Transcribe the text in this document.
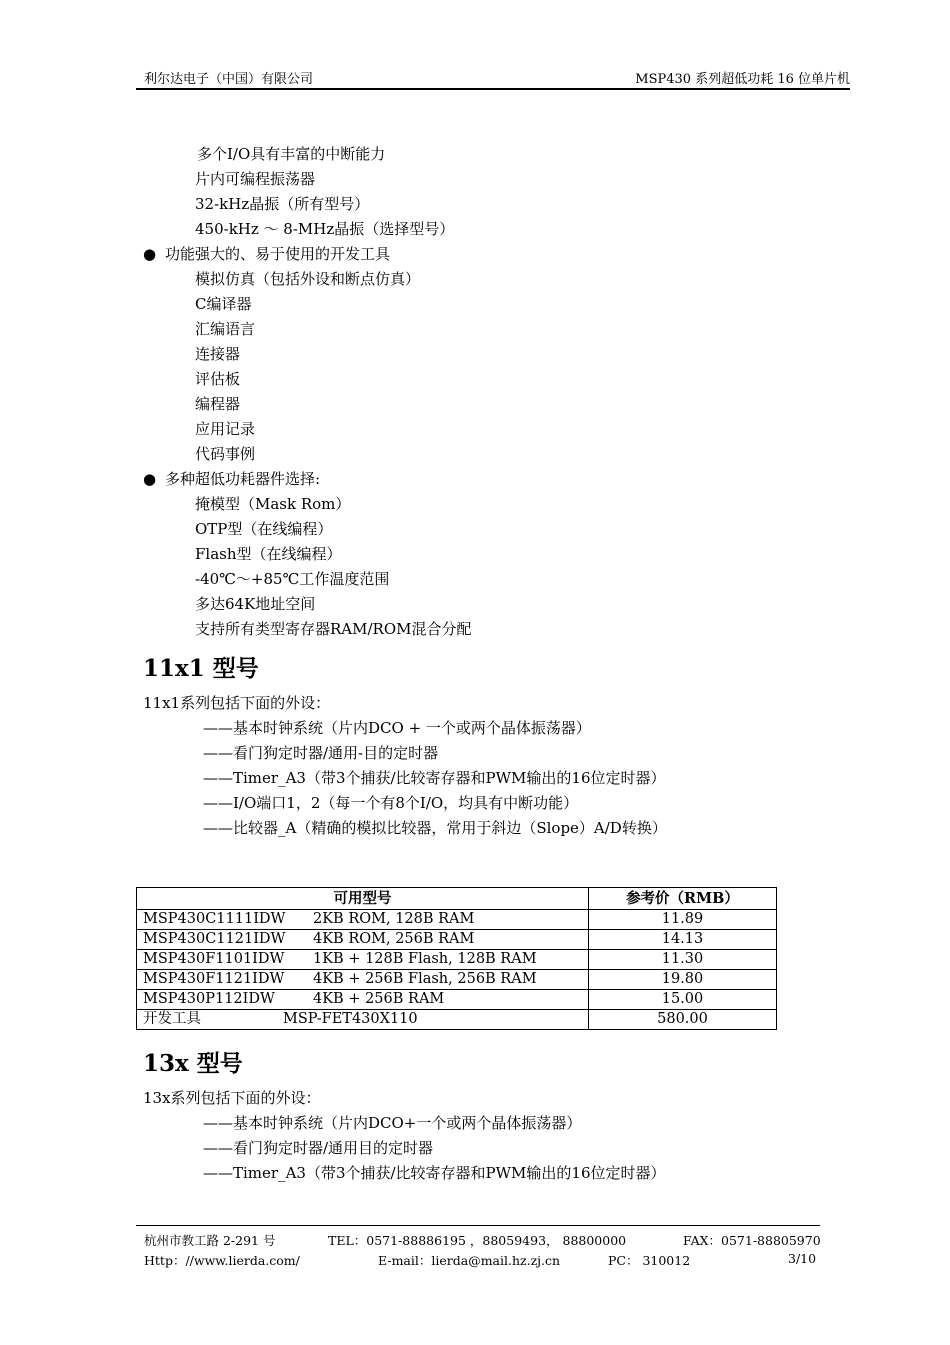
利尔达电子（中国）有限公司	MSP430 系列超低功耗 16 位单片机
多个I/O具有丰富的中断能力
片内可编程振荡器
32-kHz晶振（所有型号）
450-kHz ～ 8-MHz晶振（选择型号）
● 功能强大的、易于使用的开发工具
模拟仿真（包括外设和断点仿真）
C编译器
汇编语言
连接器
评估板
编程器
应用记录
代码事例
● 多种超低功耗器件选择:
掩模型（Mask Rom）
OTP型（在线编程）
Flash型（在线编程）
-40℃～+85℃工作温度范围
多达64K地址空间
支持所有类型寄存器RAM/ROM混合分配
11x1 型号
11x1系列包括下面的外设：
——基本时钟系统（片内DCO + 一个或两个晶体振荡器）
——看门狗定时器/通用-目的定时器
——Timer_A3（带3个捕获/比较寄存器和PWM输出的16位定时器）
——I/O端口1，2（每一个有8个I/O，均具有中断功能）
——比较器_A（精确的模拟比较器，常用于斜边（Slope）A/D转换）
可用型号	参考价（RMB）
MSP430C1111IDW 2KB ROM, 128B RAM	11.89
MSP430C1121IDW 4KB ROM, 256B RAM	14.13
MSP430F1101IDW 1KB + 128B Flash, 128B RAM	11.30
MSP430F1121IDW 4KB + 256B Flash, 256B RAM	19.80
MSP430P112IDW 4KB + 256B RAM	15.00
开发工具 MSP-FET430X110	580.00
13x 型号
13x系列包括下面的外设：
——基本时钟系统（片内DCO+一个或两个晶体振荡器）
——看门狗定时器/通用目的定时器
——Timer_A3（带3个捕获/比较寄存器和PWM输出的16位定时器）
杭州市教工路 2-291 号	TEL：0571-88886195 ，88059493， 88800000	FAX：0571-88805970
Http：//www.lierda.com/	E-mail：lierda@mail.hz.zj.cn	PC： 310012	3/10
